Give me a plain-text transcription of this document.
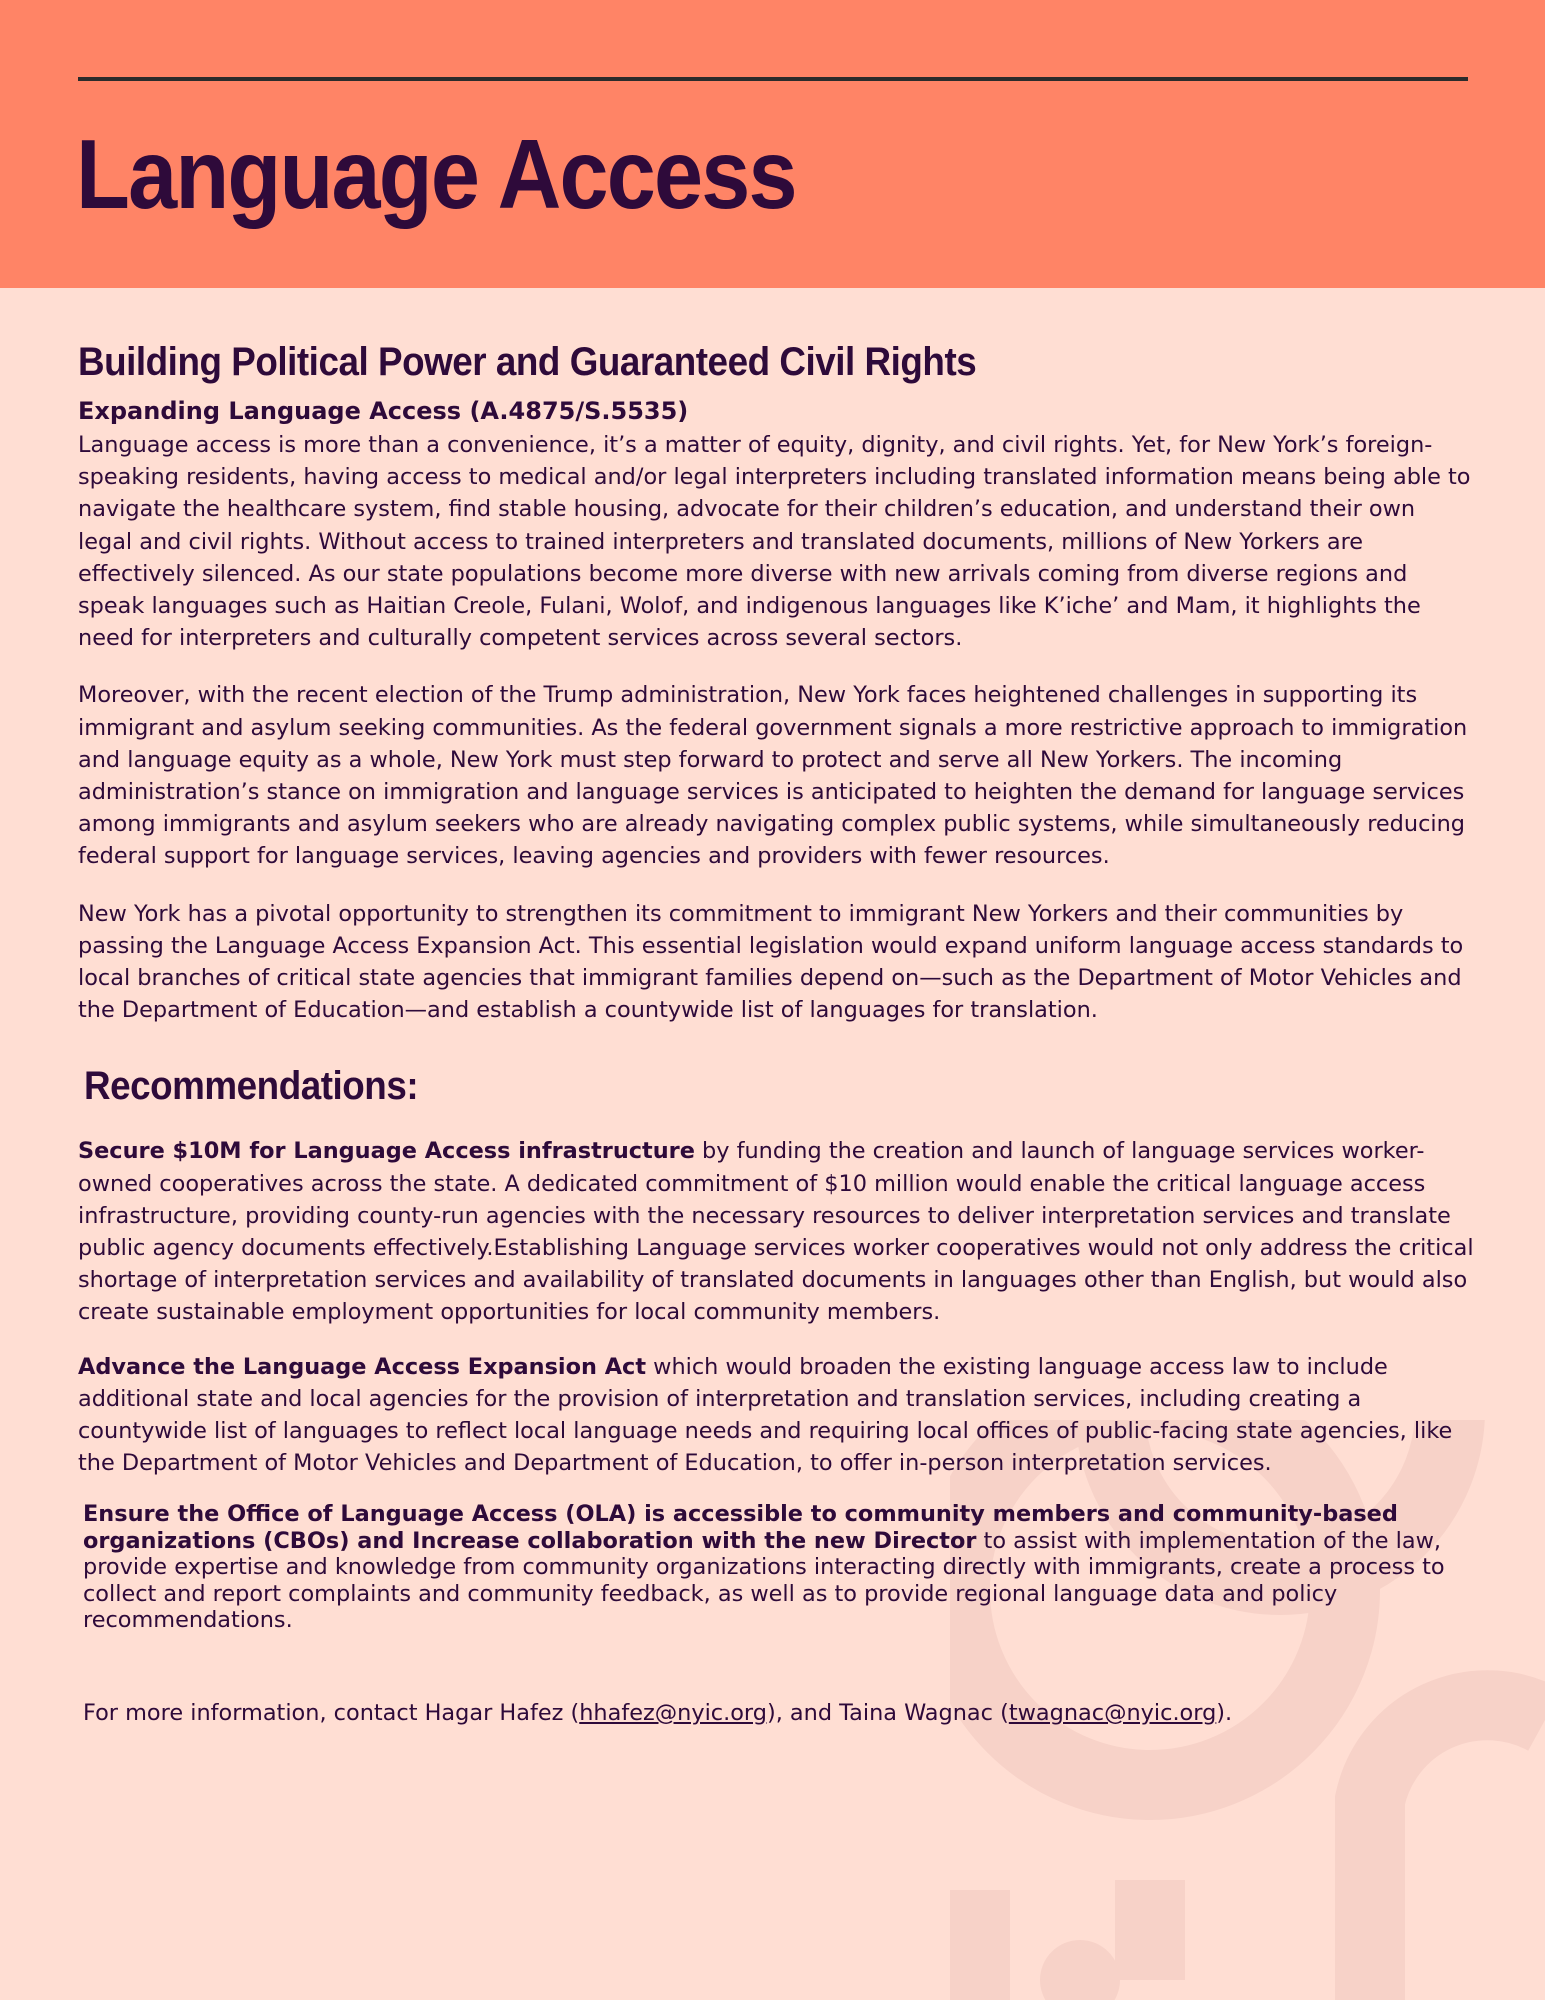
Language Access
Building Political Power and Guaranteed Civil Rights
Expanding Language Access (A.4875/S.5535)

Language access is more than a convenience, it’s a matter of equity, dignity, and civil rights. Yet, for New York’s foreign-speaking residents, having access to medical and/or legal interpreters including translated information means being able to navigate the healthcare system, find stable housing, advocate for their children’s education, and understand their own legal and civil rights. Without access to trained interpreters and translated documents, millions of New Yorkers are effectively silenced. As our state populations become more diverse with new arrivals coming from diverse regions and speak languages such as Haitian Creole, Fulani, Wolof, and indigenous languages like K’iche’ and Mam, it highlights the need for interpreters and culturally competent services across several sectors.

Moreover, with the recent election of the Trump administration, New York faces heightened challenges in supporting its immigrant and asylum seeking communities. As the federal government signals a more restrictive approach to immigration and language equity as a whole, New York must step forward to protect and serve all New Yorkers. The incoming administration’s stance on immigration and language services is anticipated to heighten the demand for language services among immigrants and asylum seekers who are already navigating complex public systems, while simultaneously reducing federal support for language services, leaving agencies and providers with fewer resources.

New York has a pivotal opportunity to strengthen its commitment to immigrant New Yorkers and their communities by passing the Language Access Expansion Act. This essential legislation would expand uniform language access standards to local branches of critical state agencies that immigrant families depend on—such as the Department of Motor Vehicles and the Department of Education—and establish a countywide list of languages for translation.

Recommendations:

Secure $10M for Language Access infrastructure by funding the creation and launch of language services worker-owned cooperatives across the state. A dedicated commitment of $10 million would enable the critical language access infrastructure, providing county-run agencies with the necessary resources to deliver interpretation services and translate public agency documents effectively.Establishing Language services worker cooperatives would not only address the critical shortage of interpretation services and availability of translated documents in languages other than English, but would also create sustainable employment opportunities for local community members.

Advance the Language Access Expansion Act which would broaden the existing language access law to include additional state and local agencies for the provision of interpretation and translation services, including creating a countywide list of languages to reflect local language needs and requiring local offices of public-facing state agencies, like the Department of Motor Vehicles and Department of Education, to offer in-person interpretation services.

Ensure the Office of Language Access (OLA) is accessible to community members and community-based organizations (CBOs) and Increase collaboration with the new Director to assist with implementation of the law, provide expertise and knowledge from community organizations interacting directly with immigrants, create a process to collect and report complaints and community feedback, as well as to provide regional language data and policy recommendations.

For more information, contact Hagar Hafez (hhafez@nyic.org), and Taina Wagnac (twagnac@nyic.org).
